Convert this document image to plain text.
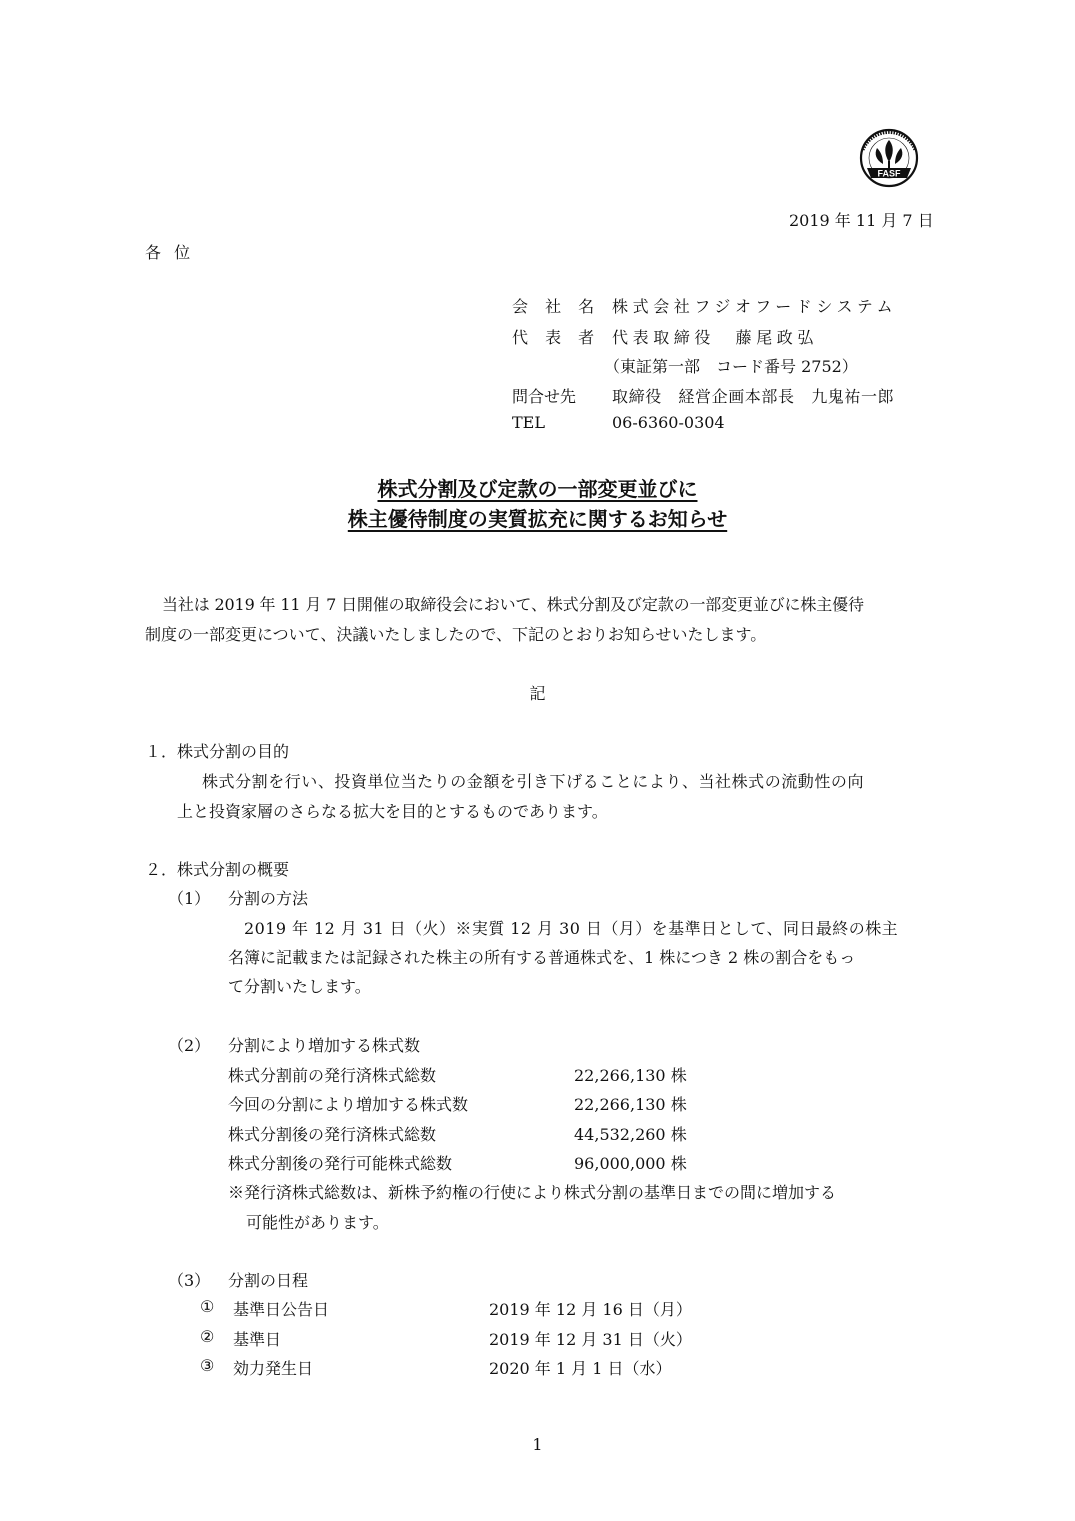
FASF
2019 年 11 月 7 日
各 位
会 社 名 株式会社フジオフードシステム
代 表 者 代表取締役　藤尾政弘
（東証第一部　コード番号 2752）
問合せ先 取締役　経営企画本部長　九鬼祐一郎
TEL	06-6360-0304
株式分割及び定款の一部変更並びに
株主優待制度の実質拡充に関するお知らせ
当社は 2019 年 11 月 7 日開催の取締役会において、株式分割及び定款の一部変更並びに株主優待
制度の一部変更について、決議いたしましたので、下記のとおりお知らせいたします。
記
１．株式分割の目的
株式分割を行い、投資単位当たりの金額を引き下げることにより、当社株式の流動性の向
上と投資家層のさらなる拡大を目的とするものであります。
２．株式分割の概要
（1） 分割の方法
2019 年 12 月 31 日（火）※実質 12 月 30 日（月）を基準日として、同日最終の株主
名簿に記載または記録された株主の所有する普通株式を、1 株につき 2 株の割合をもっ
て分割いたします。
（2） 分割により増加する株式数
株式分割前の発行済株式総数	22,266,130 株
今回の分割により増加する株式数	22,266,130 株
株式分割後の発行済株式総数	44,532,260 株
株式分割後の発行可能株式総数	96,000,000 株
※発行済株式総数は、新株予約権の行使により株式分割の基準日までの間に増加する
可能性があります。
（3） 分割の日程
① 基準日公告日	2019 年 12 月 16 日（月）
② 基準日	2019 年 12 月 31 日（火）
③ 効力発生日	2020 年 1 月 1 日（水）
1
